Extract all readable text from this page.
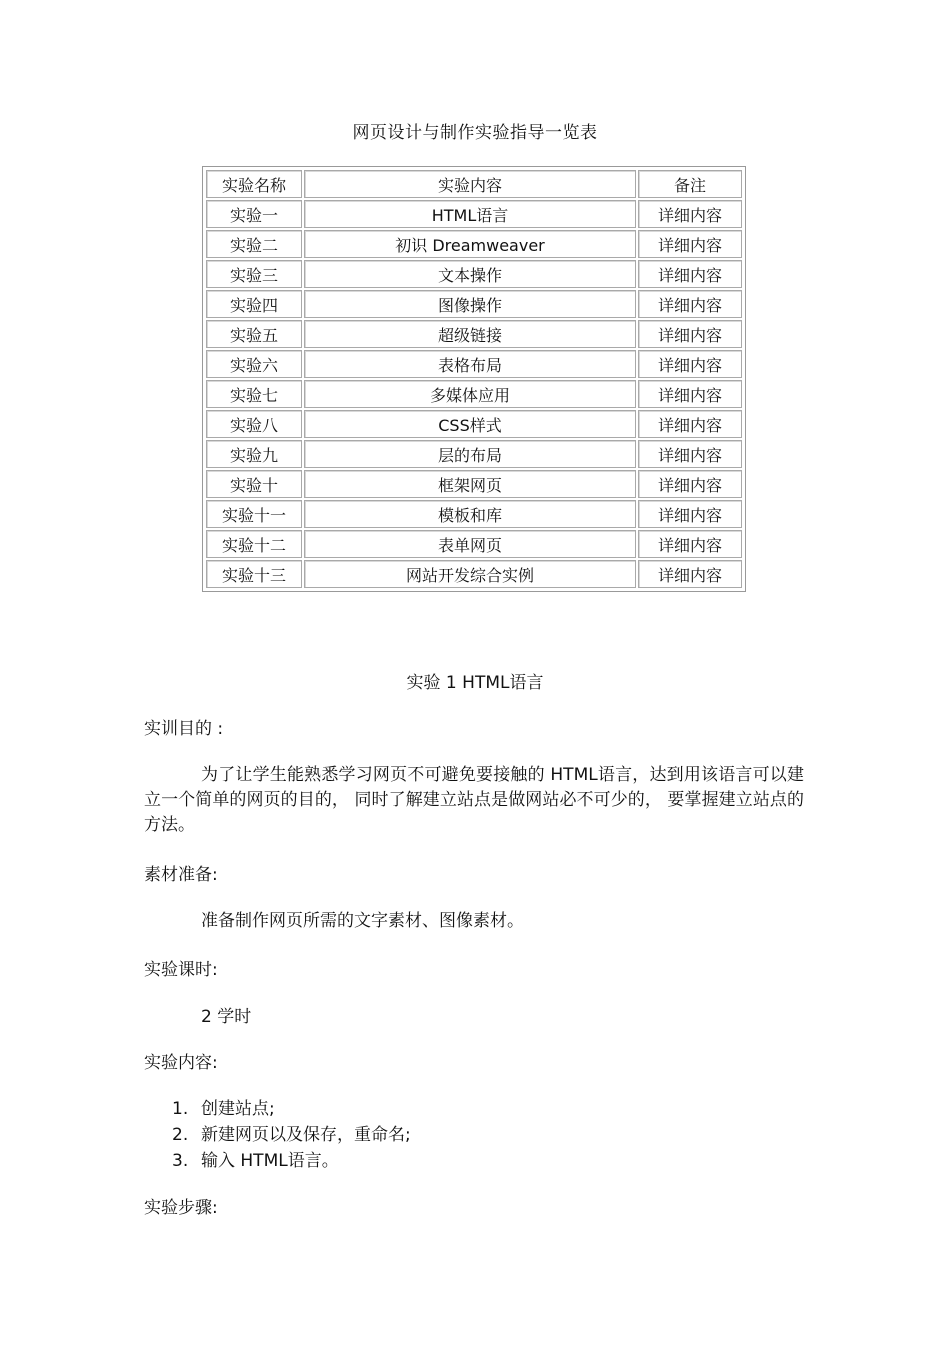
网页设计与制作实验指导一览表
实验名称	实验内容	备注
实验一	HTML语言	详细内容
实验二	初识 Dreamweaver	详细内容
实验三	文本操作	详细内容
实验四	图像操作	详细内容
实验五	超级链接	详细内容
实验六	表格布局	详细内容
实验七	多媒体应用	详细内容
实验八	CSS样式	详细内容
实验九	层的布局	详细内容
实验十	框架网页	详细内容
实验十一	模板和库	详细内容
实验十二	表单网页	详细内容
实验十三	网站开发综合实例	详细内容
实验 1 HTML语言
实训目的 :
为了让学生能熟悉学习网页不可避免要接触的 HTML语言，达到用该语言可以建立一个简单的网页的目的， 同时了解建立站点是做网站必不可少的， 要掌握建立站点的方法。
素材准备:
准备制作网页所需的文字素材、图像素材。
实验课时:
2 学时
实验内容:
1. 创建站点;
2. 新建网页以及保存，重命名;
3. 输入 HTML语言。
实验步骤:
